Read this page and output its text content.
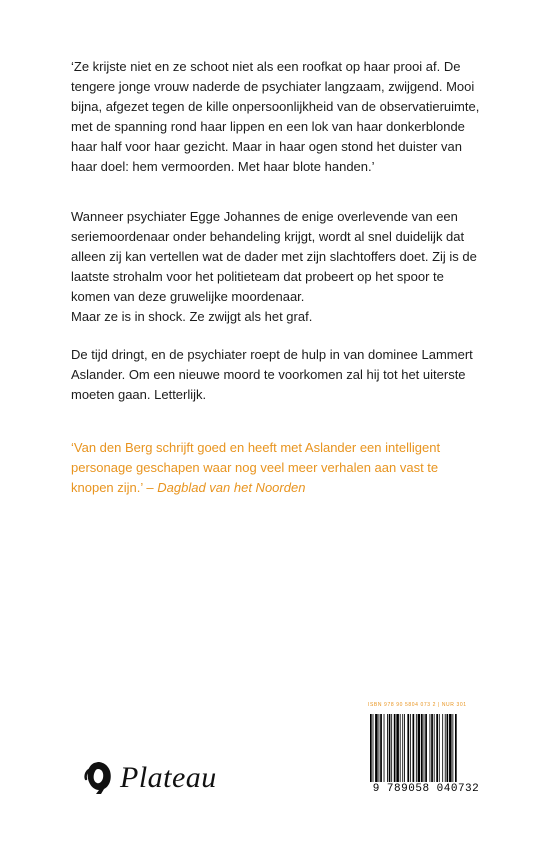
‘Ze krijste niet en ze schoot niet als een roofkat op haar prooi af. De tengere jonge vrouw naderde de psychiater langzaam, zwijgend. Mooi bijna, afgezet tegen de kille onpersoonlijkheid van de observatieruimte, met de spanning rond haar lippen en een lok van haar donkerblonde haar half voor haar gezicht. Maar in haar ogen stond het duister van haar doel: hem vermoorden. Met haar blote handen.’

Wanneer psychiater Egge Johannes de enige overlevende van een seriemoordenaar onder behandeling krijgt, wordt al snel duidelijk dat alleen zij kan vertellen wat de dader met zijn slachtoffers doet. Zij is de laatste strohalm voor het politieteam dat probeert op het spoor te komen van deze gruwelijke moordenaar.
Maar ze is in shock. Ze zwijgt als het graf.

De tijd dringt, en de psychiater roept de hulp in van dominee Lammert Aslander. Om een nieuwe moord te voorkomen zal hij tot het uiterste moeten gaan. Letterlijk.

‘Van den Berg schrijft goed en heeft met Aslander een intelligent personage geschapen waar nog veel meer verhalen aan vast te knopen zijn.’ – Dagblad van het Noorden

ISBN 978 90 5804 073 2 | NUR 301
9 789058 040732
Plateau
